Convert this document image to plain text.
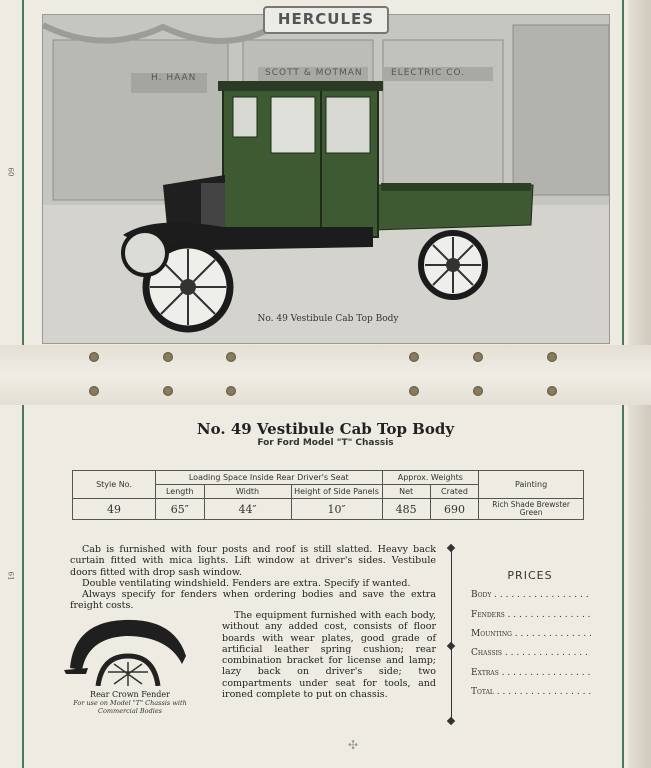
60
61
H. HAAN	SCOTT & MOTMAN	ELECTRIC CO.
HERCULES
No. 49 Vestibule Cab Top Body
No. 49 Vestibule Cab Top Body
For Ford Model "T" Chassis
Style No.	Loading Space Inside Rear Driver's Seat			Approx. Weights		Painting
	Length	Width	Height of Side Panels	Net	Crated	
49	65″	44″	10″	485	690	Rich Shade Brewster Green

Cab is furnished with four posts and roof is still slatted. Heavy back curtain fitted with mica lights. Lift window at driver's sides. Vestibule doors fitted with drop sash window.

Double ventilating windshield. Fenders are extra. Specify if wanted.

Always specify for fenders when ordering bodies and save the extra freight costs.

Rear Crown Fender
For use on Model "T" Chassis with Commercial Bodies
The equipment furnished with each body, without any added cost, consists of floor boards with wear plates, good grade of artificial leather spring cushion; rear combination bracket for license and lamp; lazy back on driver's side; two compartments under seat for tools, and ironed complete to put on chassis.
PRICES
Body . . .
Fenders . . .
Mounting . . .
Chassis . . .
Extras . . .
Total . . .
✣
